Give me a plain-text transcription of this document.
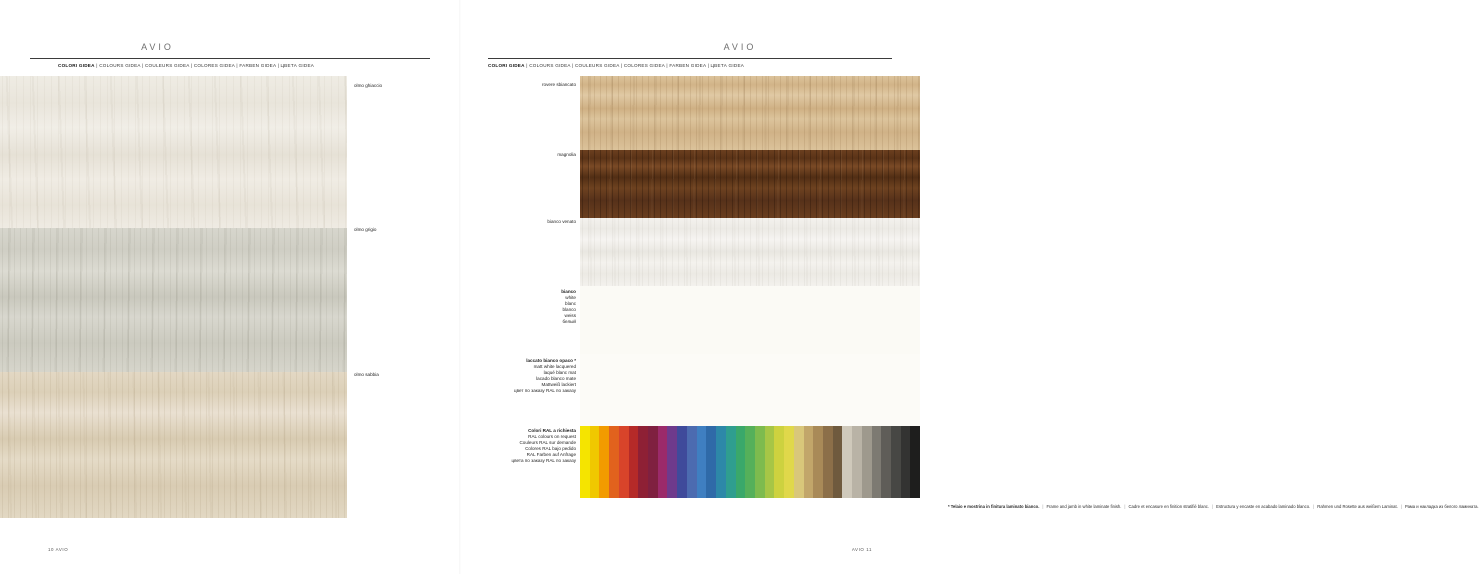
AVIO
COLORI GIDEA | COLOURS GIDEA | COULEURS GIDEA | COLORES GIDEA | FARBEN GIDEA | ЦВЕТА GIDEA
olmo ghiaccio
olmo grigio
olmo sabbia
10 AVIO
AVIO
COLORI GIDEA | COLOURS GIDEA | COULEURS GIDEA | COLORES GIDEA | FARBEN GIDEA | ЦВЕТА GIDEA
rovere sbiancato
magnolia
bianco venato
bianco
white
blanc
blanco
weiss
белый
laccato bianco opaco *
matt white lacquered
laqué blanc mat
lacado blanco mate
Mattweiß lackiert
цвет по заказу RAL по заказу
Colori RAL a richiesta
RAL colours on request
Couleurs RAL sur demande
Colores RAL bajo pedido
RAL Farben auf Anfrage
цвета по заказу RAL по заказу
* Telaio e mostrina in finitura laminato bianco. | Frame and jamb in white laminate finish. | Cadre et encasure en finition stratifié blanc. | Estructura y encaste en acabado laminado blanco. | Rahmen und Rosette aus weißem Laminat. | Рама и накладка из белого ламината.
AVIO 11
